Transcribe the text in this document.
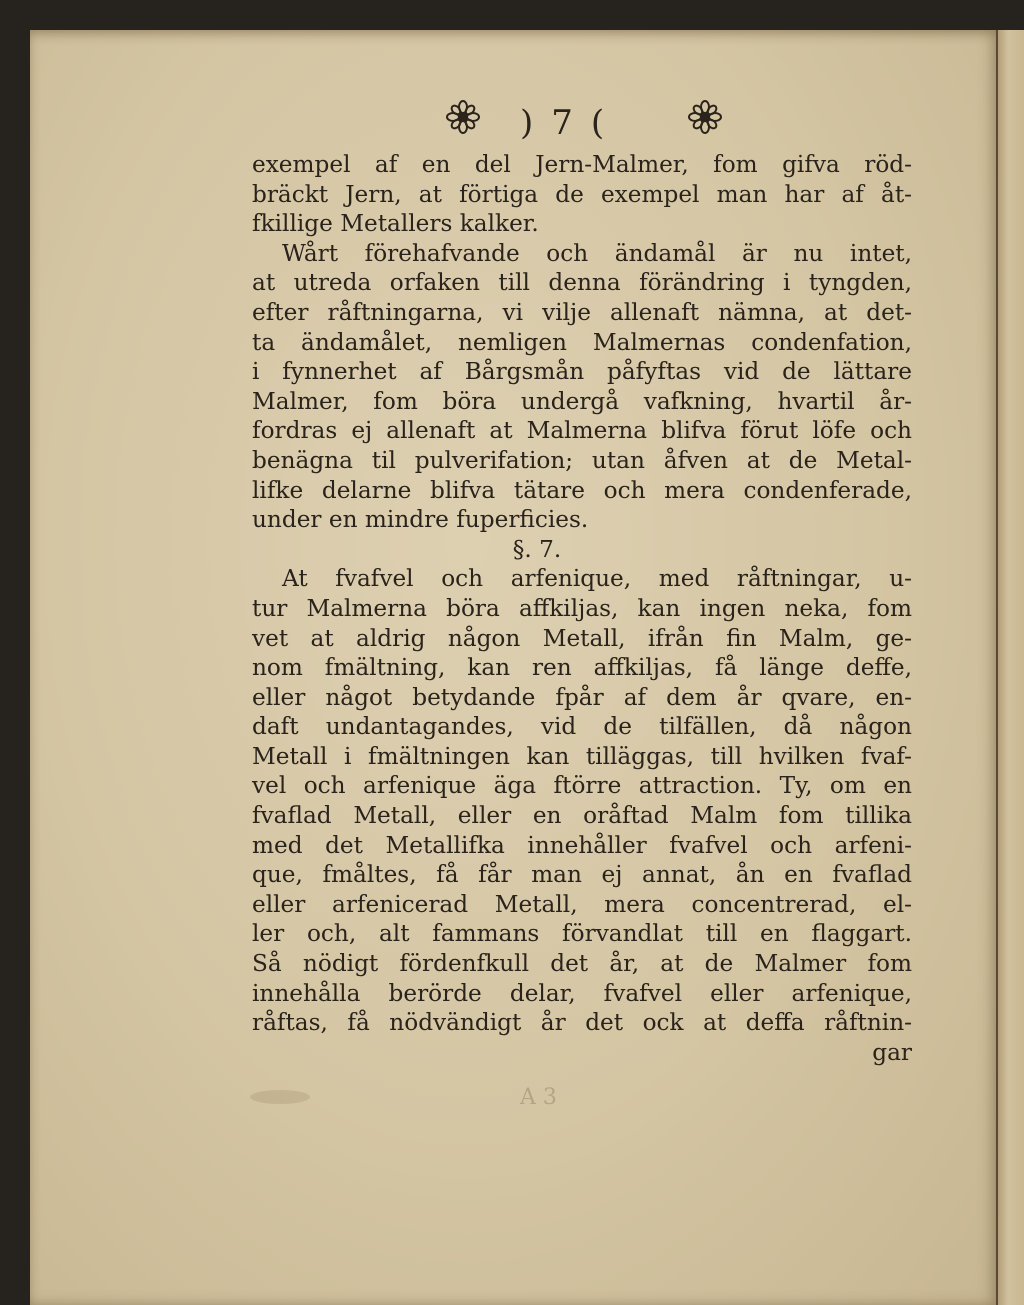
)7(

exempel af en del Jern-Malmer, fom gifva röd-
bräckt Jern, at förtiga de exempel man har af åt-
fkillige Metallers kalker.

Wårt förehafvande och ändamål är nu intet,
at utreda orfaken till denna förändring i tyngden,
efter råftningarna, vi vilje allenaft nämna, at det-
ta ändamålet, nemligen Malmernas condenfation,
i fynnerhet af Bårgsmån påfyftas vid de lättare
Malmer, fom böra undergå vafkning, hvartil år-
fordras ej allenaft at Malmerna blifva förut löfe och
benägna til pulverifation; utan åfven at de Metal-
lifke delarne blifva tätare och mera condenferade,
under en mindre fuperficies.

§. 7.

At fvafvel och arfenique, med råftningar, u-
tur Malmerna böra affkiljas, kan ingen neka, fom
vet at aldrig någon Metall, ifrån fin Malm, ge-
nom fmältning, kan ren affkiljas, få länge deffe,
eller något betydande fpår af dem år qvare, en-
daft undantagandes, vid de tilfällen, då någon
Metall i fmältningen kan tilläggas, till hvilken fvaf-
vel och arfenique äga ftörre attraction. Ty, om en
fvaflad Metall, eller en oråftad Malm fom tillika
med det Metallifka innehåller fvafvel och arfeni-
que, fmåltes, få får man ej annat, ån en fvaflad
eller arfenicerad Metall, mera concentrerad, el-
ler och, alt fammans förvandlat till en flaggart.
Så nödigt fördenfkull det år, at de Malmer fom
innehålla berörde delar, fvafvel eller arfenique,
råftas, få nödvändigt år det ock at deffa råftnin-

gar
A 3
